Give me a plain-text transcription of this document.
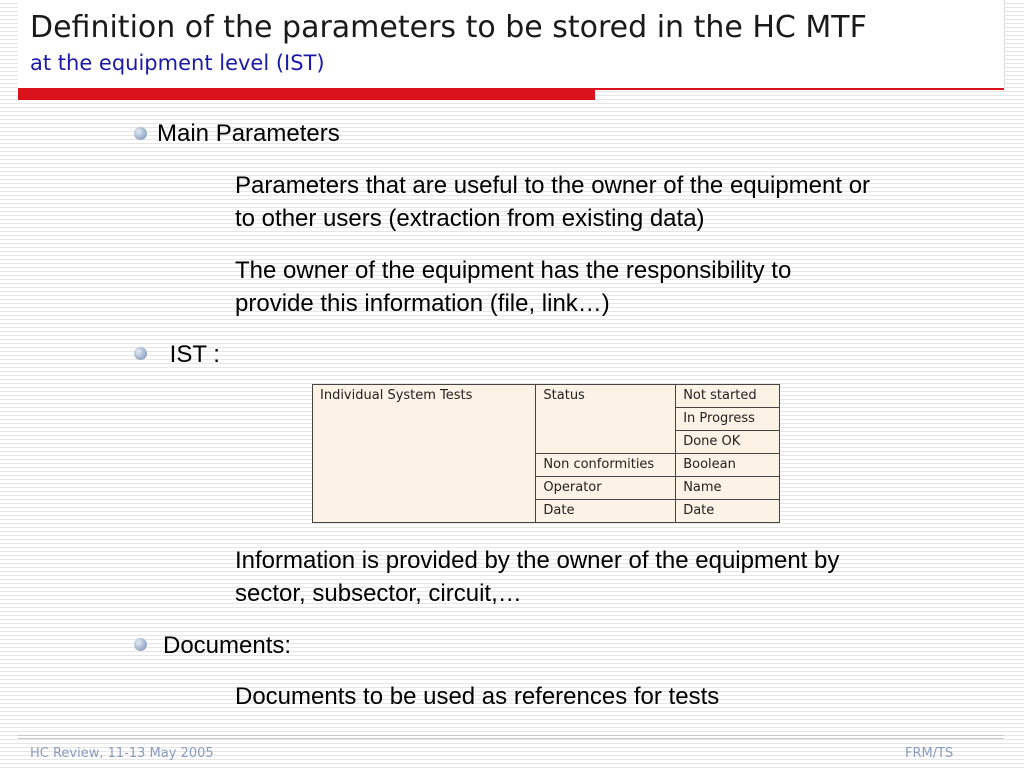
Definition of the parameters to be stored in the HC MTF
at the equipment level (IST)
Main Parameters
Parameters that are useful to the owner of the equipment or
to other users (extraction from existing data)
The owner of the equipment has the responsibility to
provide this information (file, link…)
IST :
Individual System Tests	Status	Not started
		In Progress
		Done OK
	Non conformities	Boolean
	Operator	Name
	Date	Date
Information is provided by the owner of the equipment by
sector, subsector, circuit,…
Documents:
Documents to be used as references for tests
HC Review, 11-13 May 2005	FRM/TS
